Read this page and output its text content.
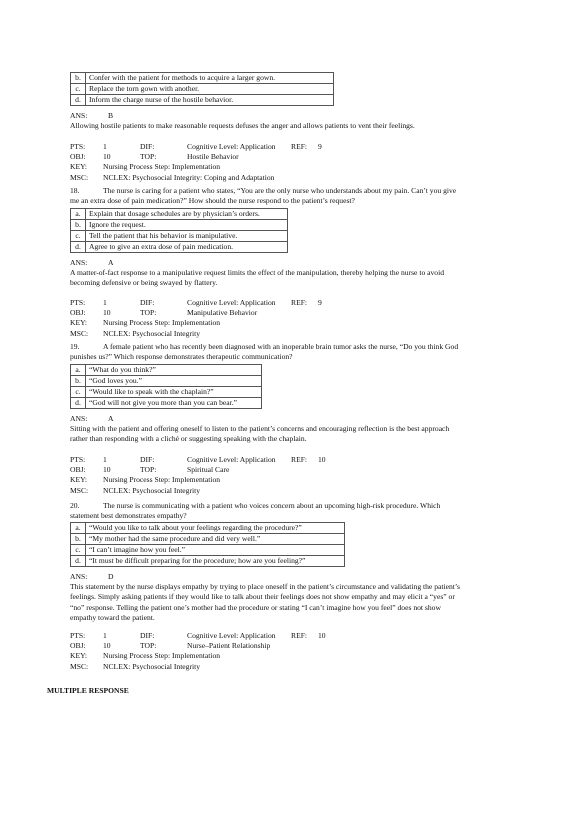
b.	Confer with the patient for methods to acquire a larger gown.
c.	Replace the torn gown with another.
d.	Inform the charge nurse of the hostile behavior.
ANS:	B

Allowing hostile patients to make reasonable requests defuses the anger and allows patients to vent their feelings.

PTS:	1	DIF:	Cognitive Level: Application	REF:	9
OBJ:	10	TOP:	Hostile Behavior
KEY:	Nursing Process Step: Implementation
MSC:	NCLEX: Psychosocial Integrity: Coping and Adaptation

18.	The nurse is caring for a patient who states, “You are the only nurse who understands about my pain. Can’t you give

me an extra dose of pain medication?” How should the nurse respond to the patient’s request?

a.	Explain that dosage schedules are by physician’s orders.
b.	Ignore the request.
c.	Tell the patient that his behavior is manipulative.
d.	Agree to give an extra dose of pain medication.
ANS:	A

A matter-of-fact response to a manipulative request limits the effect of the manipulation, thereby helping the nurse to avoid

becoming defensive or being swayed by flattery.

PTS:	1	DIF:	Cognitive Level: Application	REF:	9
OBJ:	10	TOP:	Manipulative Behavior
KEY:	Nursing Process Step: Implementation
MSC:	NCLEX: Psychosocial Integrity

19.	A female patient who has recently been diagnosed with an inoperable brain tumor asks the nurse, “Do you think God

punishes us?” Which response demonstrates therapeutic communication?

a.	“What do you think?”
b.	“God loves you.”
c.	“Would like to speak with the chaplain?”
d.	“God will not give you more than you can bear.”
ANS:	A

Sitting with the patient and offering oneself to listen to the patient’s concerns and encouraging reflection is the best approach

rather than responding with a cliché or suggesting speaking with the chaplain.

PTS:	1	DIF:	Cognitive Level: Application	REF:	10
OBJ:	10	TOP:	Spiritual Care
KEY:	Nursing Process Step: Implementation
MSC:	NCLEX: Psychosocial Integrity

20.	The nurse is communicating with a patient who voices concern about an upcoming high-risk procedure. Which

statement best demonstrates empathy?

a.	“Would you like to talk about your feelings regarding the procedure?”
b.	“My mother had the same procedure and did very well.”
c.	“I can’t imagine how you feel.”
d.	“It must be difficult preparing for the procedure; how are you feeling?”
ANS:	D

This statement by the nurse displays empathy by trying to place oneself in the patient’s circumstance and validating the patient’s

feelings. Simply asking patients if they would like to talk about their feelings does not show empathy and may elicit a “yes” or

“no” response. Telling the patient one’s mother had the procedure or stating “I can’t imagine how you feel” does not show

empathy toward the patient.

PTS:	1	DIF:	Cognitive Level: Application	REF:	10
OBJ:	10	TOP:	Nurse–Patient Relationship
KEY:	Nursing Process Step: Implementation
MSC:	NCLEX: Psychosocial Integrity
MULTIPLE RESPONSE
